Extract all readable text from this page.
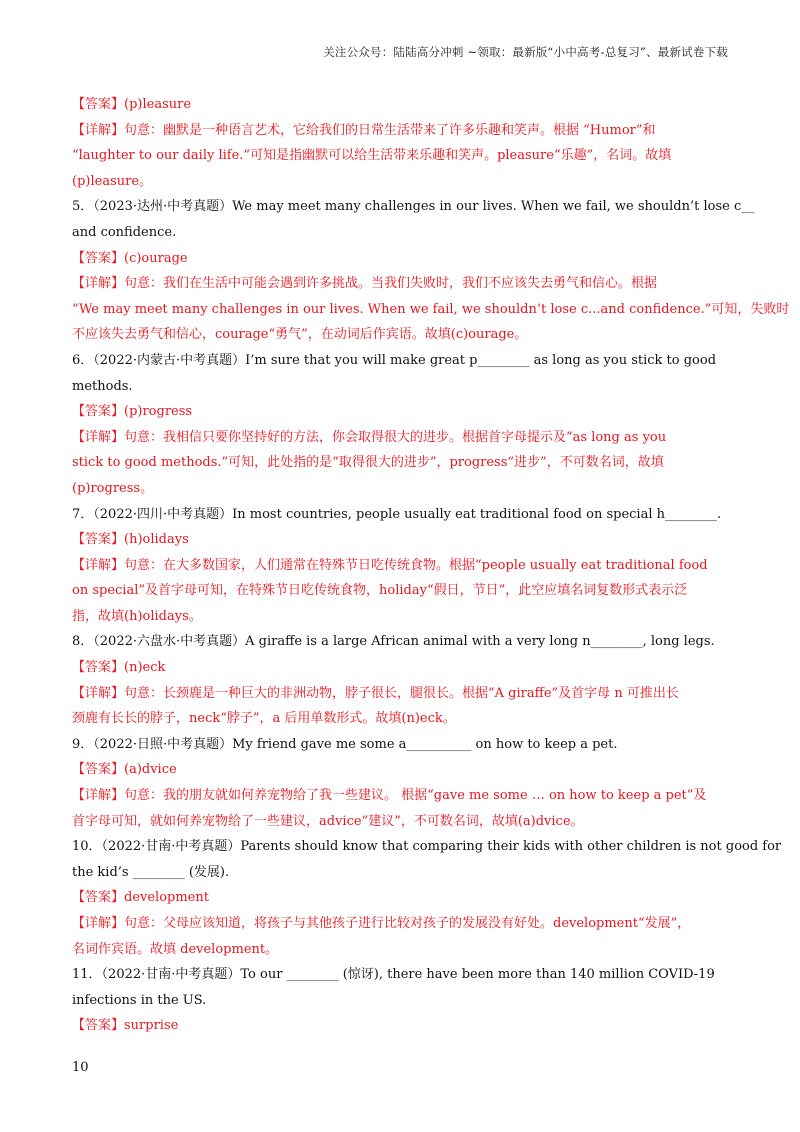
关注公众号：陆陆高分冲刺 ~领取：最新版“小中高考-总复习”、最新试卷下载
【答案】(p)leasure
【详解】句意：幽默是一种语言艺术，它给我们的日常生活带来了许多乐趣和笑声。根据 “Humor”和
“laughter to our daily life.”可知是指幽默可以给生活带来乐趣和笑声。pleasure“乐趣”，名词。故填
(p)leasure。
5．（2023·达州·中考真题）We may meet many challenges in our lives. When we fail, we shouldn’t lose c__
and confidence.
【答案】(c)ourage
【详解】句意：我们在生活中可能会遇到许多挑战。当我们失败时，我们不应该失去勇气和信心。根据
“We may meet many challenges in our lives. When we fail, we shouldn’t lose c...and confidence.”可知，失败时
不应该失去勇气和信心，courage“勇气”，在动词后作宾语。故填(c)ourage。
6．（2022·内蒙古·中考真题）I’m sure that you will make great p________ as long as you stick to good
methods.
【答案】(p)rogress
【详解】句意：我相信只要你坚持好的方法，你会取得很大的进步。根据首字母提示及“as long as you
stick to good methods.”可知，此处指的是“取得很大的进步”，progress“进步”，不可数名词，故填
(p)rogress。
7．（2022·四川·中考真题）In most countries, people usually eat traditional food on special h________.
【答案】(h)olidays
【详解】句意：在大多数国家，人们通常在特殊节日吃传统食物。根据“people usually eat traditional food
on special”及首字母可知，在特殊节日吃传统食物，holiday“假日，节日”，此空应填名词复数形式表示泛
指，故填(h)olidays。
8．（2022·六盘水·中考真题）A giraffe is a large African animal with a very long n________, long legs.
【答案】(n)eck
【详解】句意：长颈鹿是一种巨大的非洲动物，脖子很长，腿很长。根据“A giraffe”及首字母 n 可推出长
颈鹿有长长的脖子，neck“脖子”，a 后用单数形式。故填(n)eck。
9．（2022·日照·中考真题）My friend gave me some a__________ on how to keep a pet.
【答案】(a)dvice
【详解】句意：我的朋友就如何养宠物给了我一些建议。 根据“gave me some … on how to keep a pet”及
首字母可知，就如何养宠物给了一些建议，advice“建议”，不可数名词，故填(a)dvice。
10．（2022·甘南·中考真题）Parents should know that comparing their kids with other children is not good for
the kid’s ________ (发展).
【答案】development
【详解】句意：父母应该知道，将孩子与其他孩子进行比较对孩子的发展没有好处。development“发展”，
名词作宾语。故填 development。
11．（2022·甘南·中考真题）To our ________ (惊讶), there have been more than 140 million COVID-19
infections in the US.
【答案】surprise
10
